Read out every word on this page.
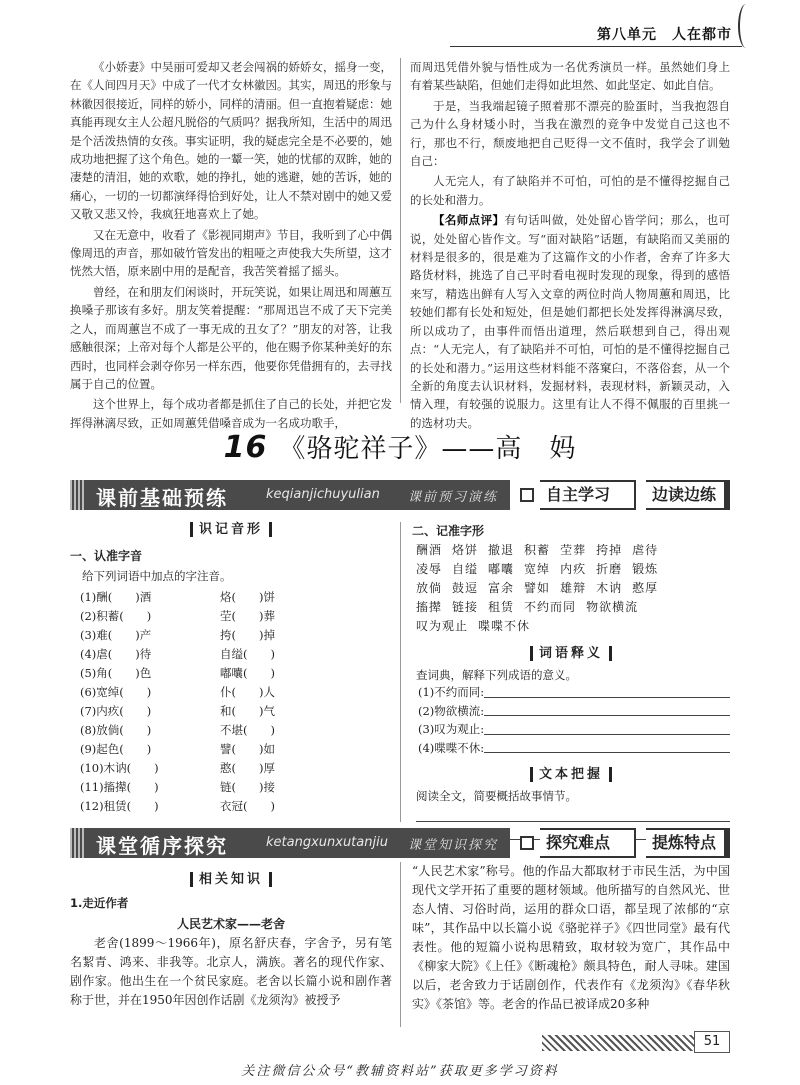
第八单元　人在都市

《小娇妻》中吴丽可爱却又老会闯祸的娇娇女，摇身一变，在《人间四月天》中成了一代才女林徽因。其实，周迅的形象与林徽因很接近，同样的娇小，同样的清丽。但一直抱着疑虑：她真能再现女主人公超凡脱俗的气质吗？据我所知，生活中的周迅是个活泼热情的女孩。事实证明，我的疑虑完全是不必要的，她成功地把握了这个角色。她的一颦一笑，她的忧郁的双眸，她的凄楚的清泪，她的欢歌，她的挣扎，她的逃避，她的苦诉，她的痛心，一切的一切都演绎得恰到好处，让人不禁对剧中的她又爱又敬又悲又怜，我疯狂地喜欢上了她。

又在无意中，收看了《影视同期声》节目，我听到了心中偶像周迅的声音，那如破竹管发出的粗哑之声使我大失所望，这才恍然大悟，原来剧中用的是配音，我苦笑着摇了摇头。

曾经，在和朋友们闲谈时，开玩笑说，如果让周迅和周蕙互换嗓子那该有多好。朋友笑着提醒：“那周迅岂不成了天下完美之人，而周蕙岂不成了一事无成的丑女了？”朋友的对答，让我感触很深；上帝对每个人都是公平的，他在赐予你某种美好的东西时，也同样会剥夺你另一样东西，他要你凭借拥有的，去寻找属于自己的位置。

这个世界上，每个成功者都是抓住了自己的长处，并把它发挥得淋漓尽致，正如周蕙凭借嗓音成为一名成功歌手，

而周迅凭借外貌与悟性成为一名优秀演员一样。虽然她们身上有着某些缺陷，但她们走得如此坦然、如此坚定、如此自信。

于是，当我端起镜子照着那不漂亮的脸蛋时，当我抱怨自己为什么身材矮小时，当我在激烈的竞争中发觉自己这也不行，那也不行，颓废地把自己贬得一文不值时，我学会了训勉自己：

人无完人，有了缺陷并不可怕，可怕的是不懂得挖掘自己的长处和潜力。

【名师点评】有句话叫做，处处留心皆学问；那么，也可说，处处留心皆作文。写“面对缺陷”话题，有缺陷而又美丽的材料是很多的，很是难为了这篇作文的小作者，舍弃了许多大路货材料，挑选了自己平时看电视时发现的现象，得到的感悟来写，精选出鲜有人写入文章的两位时尚人物周蕙和周迅，比较她们都有长处和短处，但是她们都把长处发挥得淋漓尽致，所以成功了，由事件而悟出道理，然后联想到自己，得出观点：“人无完人，有了缺陷并不可怕，可怕的是不懂得挖掘自己的长处和潜力。”运用这些材料能不落窠臼，不落俗套，从一个全新的角度去认识材料，发掘材料，表现材料，新颖灵动，入情入理，有较强的说服力。这里有让人不得不佩服的百里挑一的选材功夫。

16 《骆驼祥子》——高　妈
课前基础预练	keqianjichuyulian 课前预习演练	自主学习	边读边练
识记音形
一、认准字音
给下列词语中加点的字注音。
(1)酬(　　)酒	烙(　　)饼
(2)积蓄(　　)	茔(　　)葬
(3)难(　　)产	挎(　　)掉
(4)虐(　　)待	自缢(　　)
(5)角(　　)色	嘟囔(　　)
(6)宽绰(　　)	仆(　　)人
(7)内疚(　　)	和(　　)气
(8)放倘(　　)	不堪(　　)
(9)起色(　　)	譬(　　)如
(10)木讷(　　)	憨(　　)厚
(11)搐撵(　　)	链(　　)接
(12)租赁(　　)	衣冠(　　)
二、记准字形
酬酒 烙饼 撤退 积蓄 茔葬 挎掉 虐待
凌辱 自缢 嘟囔 宽绰 内疚 折磨 锻炼
放倘 鼓逗 富余 譬如 雄辩 木讷 憨厚
搐撵 链接 租赁 不约而同 物欲横流
叹为观止 喋喋不休
词语释义
查词典，解释下列成语的意义。
(1)不约而同:
(2)物欲横流:
(3)叹为观止:
(4)喋喋不休:
文本把握
阅读全文，简要概括故事情节。
课堂循序探究	ketangxunxutanjiu 课堂知识探究	探究难点	提炼特点
相关知识
1.走近作者
人民艺术家——老舍

老舍(1899～1966年)，原名舒庆春，字舍予，另有笔名絜青、鸿来、非我等。北京人，满族。著名的现代作家、剧作家。他出生在一个贫民家庭。老舍以长篇小说和剧作著称于世，并在1950年因创作话剧《龙须沟》被授予

“人民艺术家”称号。他的作品大都取材于市民生活，为中国现代文学开拓了重要的题材领域。他所描写的自然风光、世态人情、习俗时尚，运用的群众口语，都呈现了浓郁的“京味”，其作品中以长篇小说《骆驼祥子》《四世同堂》最有代表性。他的短篇小说构思精致，取材较为宽广，其作品中《柳家大院》《上任》《断魂枪》颇具特色，耐人寻味。建国以后，老舍致力于话剧创作，代表作有《龙须沟》《春华秋实》《茶馆》等。老舍的作品已被译成20多种

51
关注微信公众号“教辅资料站”获取更多学习资料
